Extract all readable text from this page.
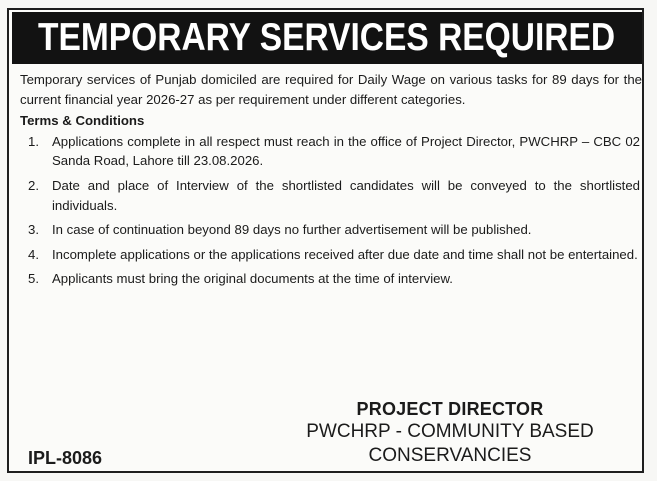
TEMPORARY SERVICES REQUIRED

Temporary services of Punjab domiciled are required for Daily Wage on various tasks for 89 days for the current financial year 2026-27 as per requirement under different categories.

Terms & Conditions
1. Applications complete in all respect must reach in the office of Project Director, PWCHRP – CBC 02 Sanda Road, Lahore till 23.08.2026.
2. Date and place of Interview of the shortlisted candidates will be conveyed to the shortlisted individuals.
3. In case of continuation beyond 89 days no further advertisement will be published.
4. Incomplete applications or the applications received after due date and time shall not be entertained.
5. Applicants must bring the original documents at the time of interview.
PROJECT DIRECTOR
PWCHRP - COMMUNITY BASED
CONSERVANCIES
IPL-8086
